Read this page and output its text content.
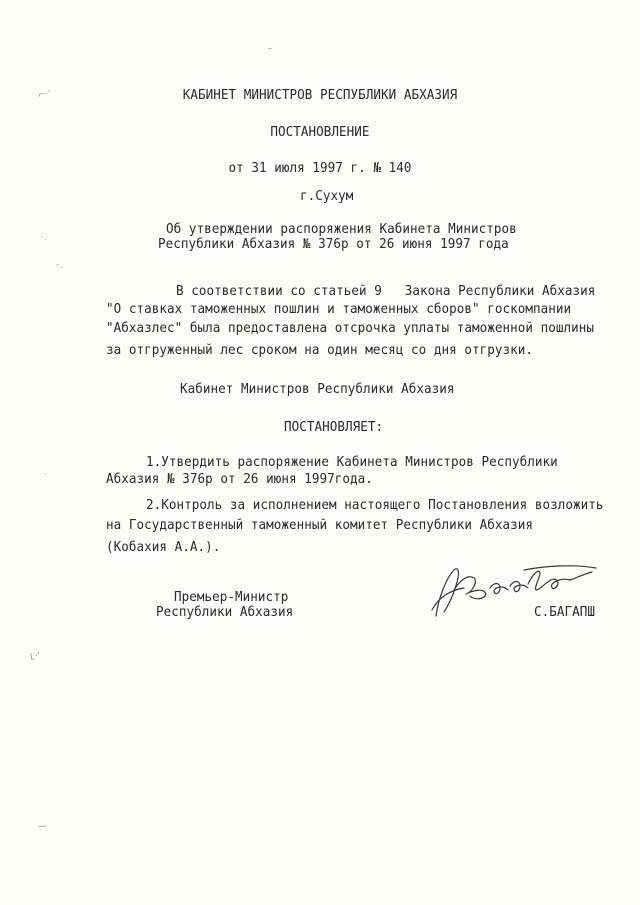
⌐·'
˙·
˜·
·
ᒪ·'
⁓
–
КАБИНЕТ МИНИСТРОВ РЕСПУБЛИКИ АБХАЗИЯ
ПОСТАНОВЛЕНИЕ
от 31 июля 1997 г. № 140
г.Сухум
Об утверждении распоряжения Кабинета Министров
Республики Абхазия № 376р от 26 июня 1997 года
В соответствии со статьей 9   Закона Республики Абхазия
"О ставках таможенных пошлин и таможенных сборов" госкомпании
"Абхазлес" была предоставлена отсрочка уплаты таможенной пошлины
за отгруженный лес сроком на один месяц со дня отгрузки.
Кабинет Министров Республики Абхазия
ПОСТАНОВЛЯЕТ:
1.Утвердить распоряжение Кабинета Министров Республики
Абхазия № 376р от 26 июня 1997года.
2.Контроль за исполнением настоящего Постановления возложить
на Государственный таможенный комитет Республики Абхазия
(Кобахия А.А.).
Премьер-Министр
Республики Абхазия	С.БАГАПШ
